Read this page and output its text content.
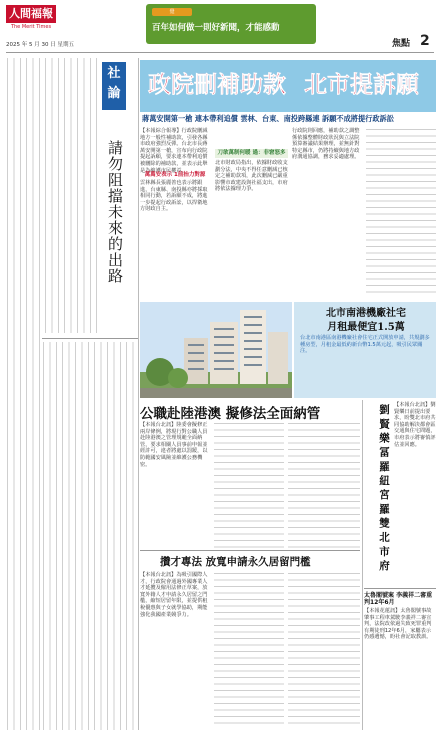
人間福報
The Merit Times
2025 年 5 月 30 日 星期五
覺
百年如何做一則好新聞，才能感動
焦點 2
社
論
請勿阻擋未來的出路
政院刪補助款 北市提訴願
蔣萬安開第一槍 連本帶利追償 雲林、台東、南投跨縣連 訴願不成將提行政訴訟
【本報綜合報導】行政院刪減地方一般性補助款，引發各縣市政府強烈反彈。台北市長蔣萬安開第一槍，宣布向行政院提起訴願，要求連本帶利追償被刪除的補助款，並表示此舉是為維護市民權益。
萬萬安表示 1前抬力對源
雲林縣長張麗善也表示將跟進，台東縣、南投縣亦將採取相同行動，若訴願不成，將進一步提起行政訴訟，以捍衛地方財政自主。
刀欲萬制何暖 過：非窘怒多
北市財政局指出，依據財政收支劃分法，中央不得任意刪減已核定之補助款項，此次刪減已嚴重影響市政建設與社福支出，市府將依法據理力爭。
行政院則回應，補助款之調整係依據整體財政狀況與立法院預算審議結果辦理，並無針對特定縣市，仍將持續與地方政府溝通協調，務求妥適處理。
北市南港機廠社宅
月租最便宜1.5萬
台北市南港區南港機廠社會住宅正式開放申請，共規劃多種房型，月租金最低約新台幣1.5萬元起，吸引民眾關注。
公職赴陸港澳 擬修法全面納管
【本報台北訊】陸委會擬修正兩岸條例，將現行對公職人員赴陸港澳之管理規範全面納管，要求相關人員事前申報並經許可，違者將處以罰鍰，以防範國安風險並維護公務機密。
攢才專法 放寬申請永久居留門檻
【本報台北訊】為吸引國際人才，行政院會通過外國專業人才延攬及僱用法修正草案，放寬外籍人才申請永久居留之門檻，縮短居留年限，並提供租稅優惠與子女就學協助，期能強化我國產業競爭力。
劉 賢 樂 冨 羅 紐 宮 羅 雙 北 市 府 【本報台北訊】劉賢樂日前提出要求，盼雙北市府共同協助解決都會區交通與住宅問題，市府表示將審慎評估並回應。
太魯閣號案 李義祥二審重判12年6月
【本報花蓮訊】太魯閣號事故肇事工程車駕駛李義祥二審宣判，法院改依過失致死罪重判有期徒刑12年6月，家屬表示仍感遺憾，盼社會記取教訓。
